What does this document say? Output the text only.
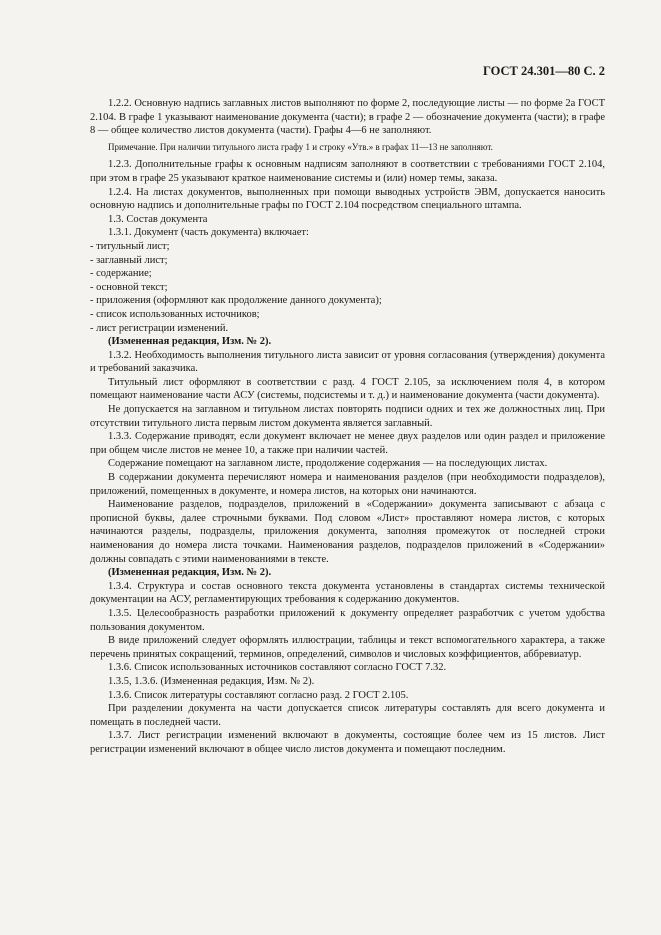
ГОСТ 24.301—80 С. 2

1.2.2. Основную надпись заглавных листов выполняют по форме 2, последующие листы — по форме 2а ГОСТ 2.104. В графе 1 указывают наименование документа (части); в графе 2 — обозначение документа (части); в графе 8 — общее количество листов документа (части). Графы 4—6 не заполняют.

Примечание. При наличии титульного листа графу 1 и строку «Утв.» в графах 11—13 не заполняют.

1.2.3. Дополнительные графы к основным надписям заполняют в соответствии с требованиями ГОСТ 2.104, при этом в графе 25 указывают краткое наименование системы и (или) номер темы, заказа.

1.2.4. На листах документов, выполненных при помощи выводных устройств ЭВМ, допускается наносить основную надпись и дополнительные графы по ГОСТ 2.104 посредством специального штампа.

1.3. Состав документа

1.3.1. Документ (часть документа) включает:

- титульный лист;

- заглавный лист;

- содержание;

- основной текст;

- приложения (оформляют как продолжение данного документа);

- список использованных источников;

- лист регистрации изменений.

(Измененная редакция, Изм. № 2).

1.3.2. Необходимость выполнения титульного листа зависит от уровня согласования (утверждения) документа и требований заказчика.

Титульный лист оформляют в соответствии с разд. 4 ГОСТ 2.105, за исключением поля 4, в котором помещают наименование части АСУ (системы, подсистемы и т. д.) и наименование документа (части документа).

Не допускается на заглавном и титульном листах повторять подписи одних и тех же должностных лиц. При отсутствии титульного листа первым листом документа является заглавный.

1.3.3. Содержание приводят, если документ включает не менее двух разделов или один раздел и приложение при общем числе листов не менее 10, а также при наличии частей.

Содержание помещают на заглавном листе, продолжение содержания — на последующих листах.

В содержании документа перечисляют номера и наименования разделов (при необходимости подразделов), приложений, помещенных в документе, и номера листов, на которых они начинаются.

Наименование разделов, подразделов, приложений в «Содержании» документа записывают с абзаца с прописной буквы, далее строчными буквами. Под словом «Лист» проставляют номера листов, с которых начинаются разделы, подразделы, приложения документа, заполняя промежуток от последней строки наименования до номера листа точками. Наименования разделов, подразделов приложений в «Содержании» должны совпадать с этими наименованиями в тексте.

(Измененная редакция, Изм. № 2).

1.3.4. Структура и состав основного текста документа установлены в стандартах системы технической документации на АСУ, регламентирующих требования к содержанию документов.

1.3.5. Целесообразность разработки приложений к документу определяет разработчик с учетом удобства пользования документом.

В виде приложений следует оформлять иллюстрации, таблицы и текст вспомогательного характера, а также перечень принятых сокращений, терминов, определений, символов и числовых коэффициентов, аббревиатур.

1.3.6. Список использованных источников составляют согласно ГОСТ 7.32.

1.3.5, 1.3.6. (Измененная редакция, Изм. № 2).

1.3.6. Список литературы составляют согласно разд. 2 ГОСТ 2.105.

При разделении документа на части допускается список литературы составлять для всего документа и помещать в последней части.

1.3.7. Лист регистрации изменений включают в документы, состоящие более чем из 15 листов. Лист регистрации изменений включают в общее число листов документа и помещают последним.
